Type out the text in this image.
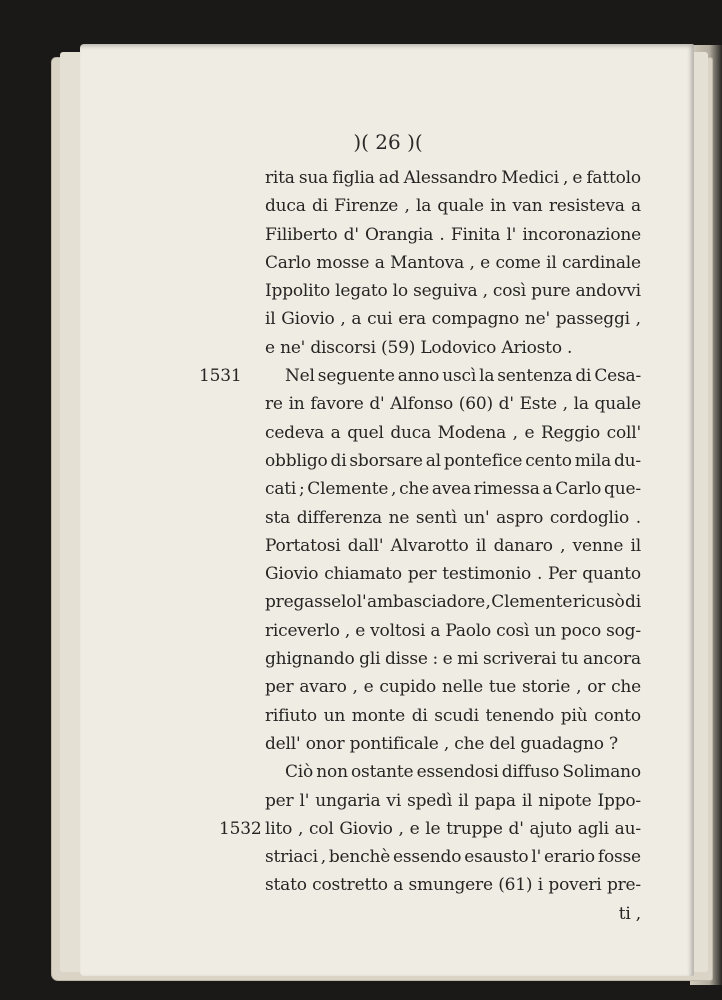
)( 26 )(
rita sua figlia ad Alessandro Medici , e fattolo
duca di Firenze , la quale in van resisteva a
Filiberto d' Orangia . Finita l' incoronazione
Carlo mosse a Mantova , e come il cardinale
Ippolito legato lo seguiva , così pure andovvi
il Giovio , a cui era compagno ne' passeggi ,
e ne' discorsi (59) Lodovico Ariosto .
1531	Nel seguente anno uscì la sentenza di Cesa-
re in favore d' Alfonso (60) d' Este , la quale
cedeva a quel duca Modena , e Reggio coll'
obbligo di sborsare al pontefice cento mila du-
cati ; Clemente , che avea rimessa a Carlo que-
sta differenza ne sentì un' aspro cordoglio .
Portatosi dall' Alvarotto il danaro , venne il
Giovio chiamato per testimonio . Per quanto
pregasselo l' ambasciadore , Clemente ricusò di
riceverlo , e voltosi a Paolo così un poco sog-
ghignando gli disse : e mi scriverai tu ancora
per avaro , e cupido nelle tue storie , or che
rifiuto un monte di scudi tenendo più conto
dell' onor pontificale , che del guadagno ?
Ciò non ostante essendosi diffuso Solimano
per l' ungaria vi spedì il papa il nipote Ippo-
1532 lito , col Giovio , e le truppe d' ajuto agli au-
striaci , benchè essendo esausto l' erario fosse
stato costretto a smungere (61) i poveri pre-
ti ,
